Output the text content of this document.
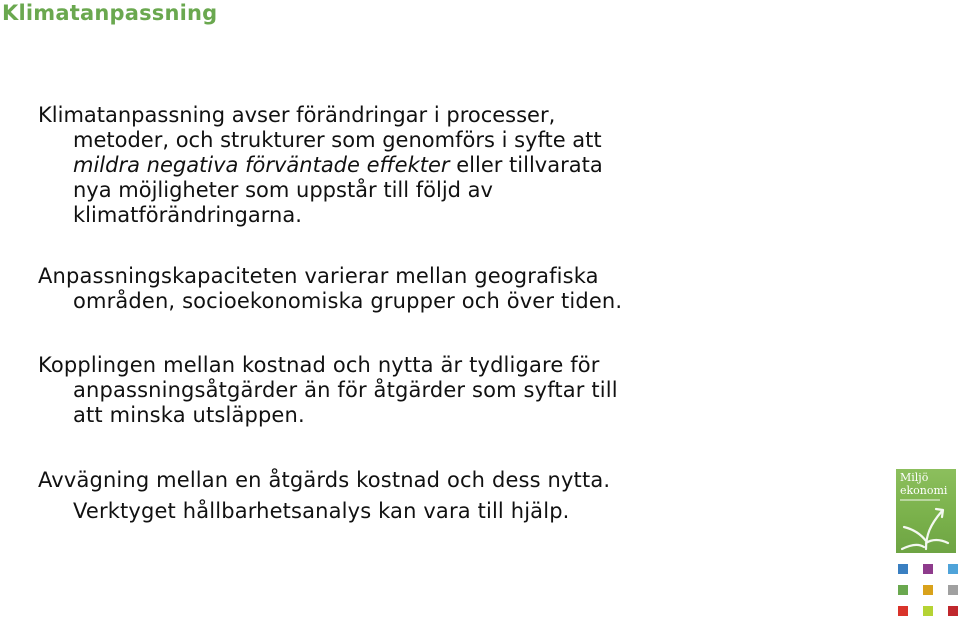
Klimatanpassning
Klimatanpassning avser förändringar i processer,
metoder, och strukturer som genomförs i syfte att
mildra negativa förväntade effekter eller tillvarata
nya möjligheter som uppstår till följd av
klimatförändringarna.
Anpassningskapaciteten varierar mellan geografiska
områden, socioekonomiska grupper och över tiden.
Kopplingen mellan kostnad och nytta är tydligare för
anpassningsåtgärder än för åtgärder som syftar till
att minska utsläppen.
Avvägning mellan en åtgärds kostnad och dess nytta.
Verktyget hållbarhetsanalys kan vara till hjälp.
Miljö
ekonomi
